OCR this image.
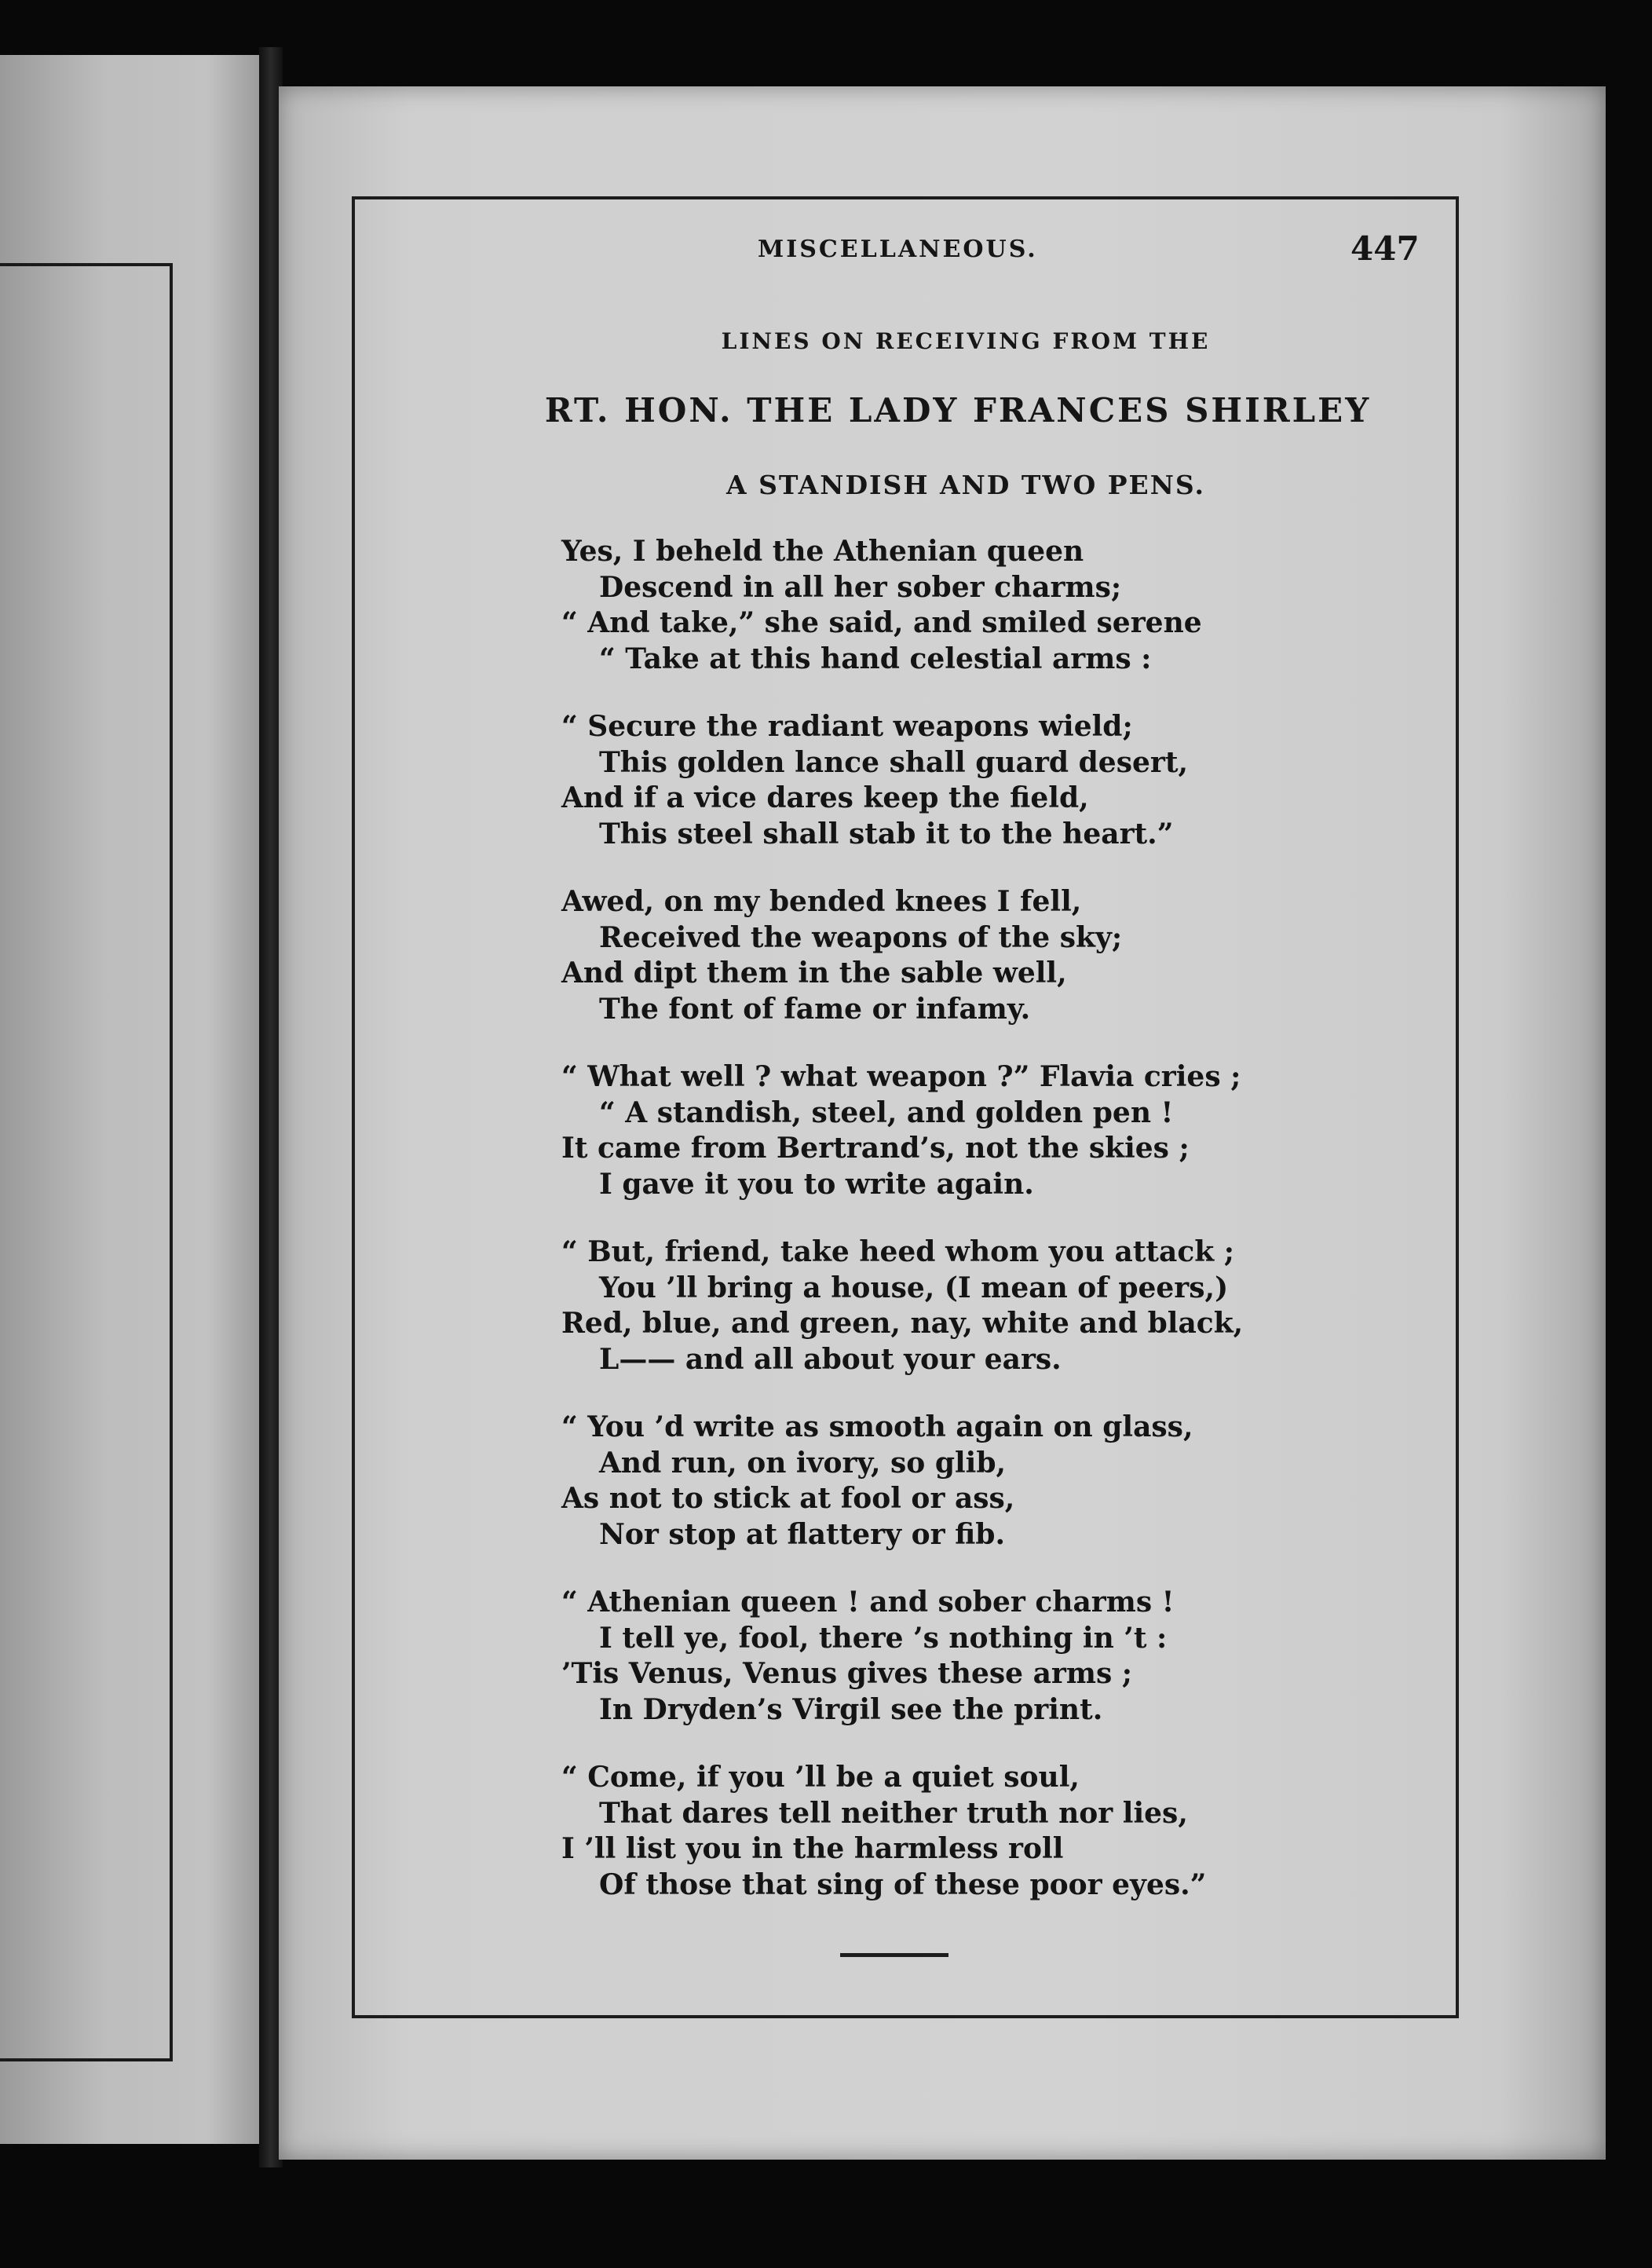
MISCELLANEOUS.	447
LINES ON RECEIVING FROM THE
RT. HON. THE LADY FRANCES SHIRLEY
A STANDISH AND TWO PENS.
Yes, I beheld the Athenian queen
Descend in all her sober charms;
“ And take,” she said, and smiled serene
“ Take at this hand celestial arms :
“ Secure the radiant weapons wield;
This golden lance shall guard desert,
And if a vice dares keep the field,
This steel shall stab it to the heart.”
Awed, on my bended knees I fell,
Received the weapons of the sky;
And dipt them in the sable well,
The font of fame or infamy.
“ What well ? what weapon ?” Flavia cries ;
“ A standish, steel, and golden pen !
It came from Bertrand’s, not the skies ;
I gave it you to write again.
“ But, friend, take heed whom you attack ;
You ’ll bring a house, (I mean of peers,)
Red, blue, and green, nay, white and black,
L—— and all about your ears.
“ You ’d write as smooth again on glass,
And run, on ivory, so glib,
As not to stick at fool or ass,
Nor stop at flattery or fib.
“ Athenian queen ! and sober charms !
I tell ye, fool, there ’s nothing in ’t :
’Tis Venus, Venus gives these arms ;
In Dryden’s Virgil see the print.
“ Come, if you ’ll be a quiet soul,
That dares tell neither truth nor lies,
I ’ll list you in the harmless roll
Of those that sing of these poor eyes.”
